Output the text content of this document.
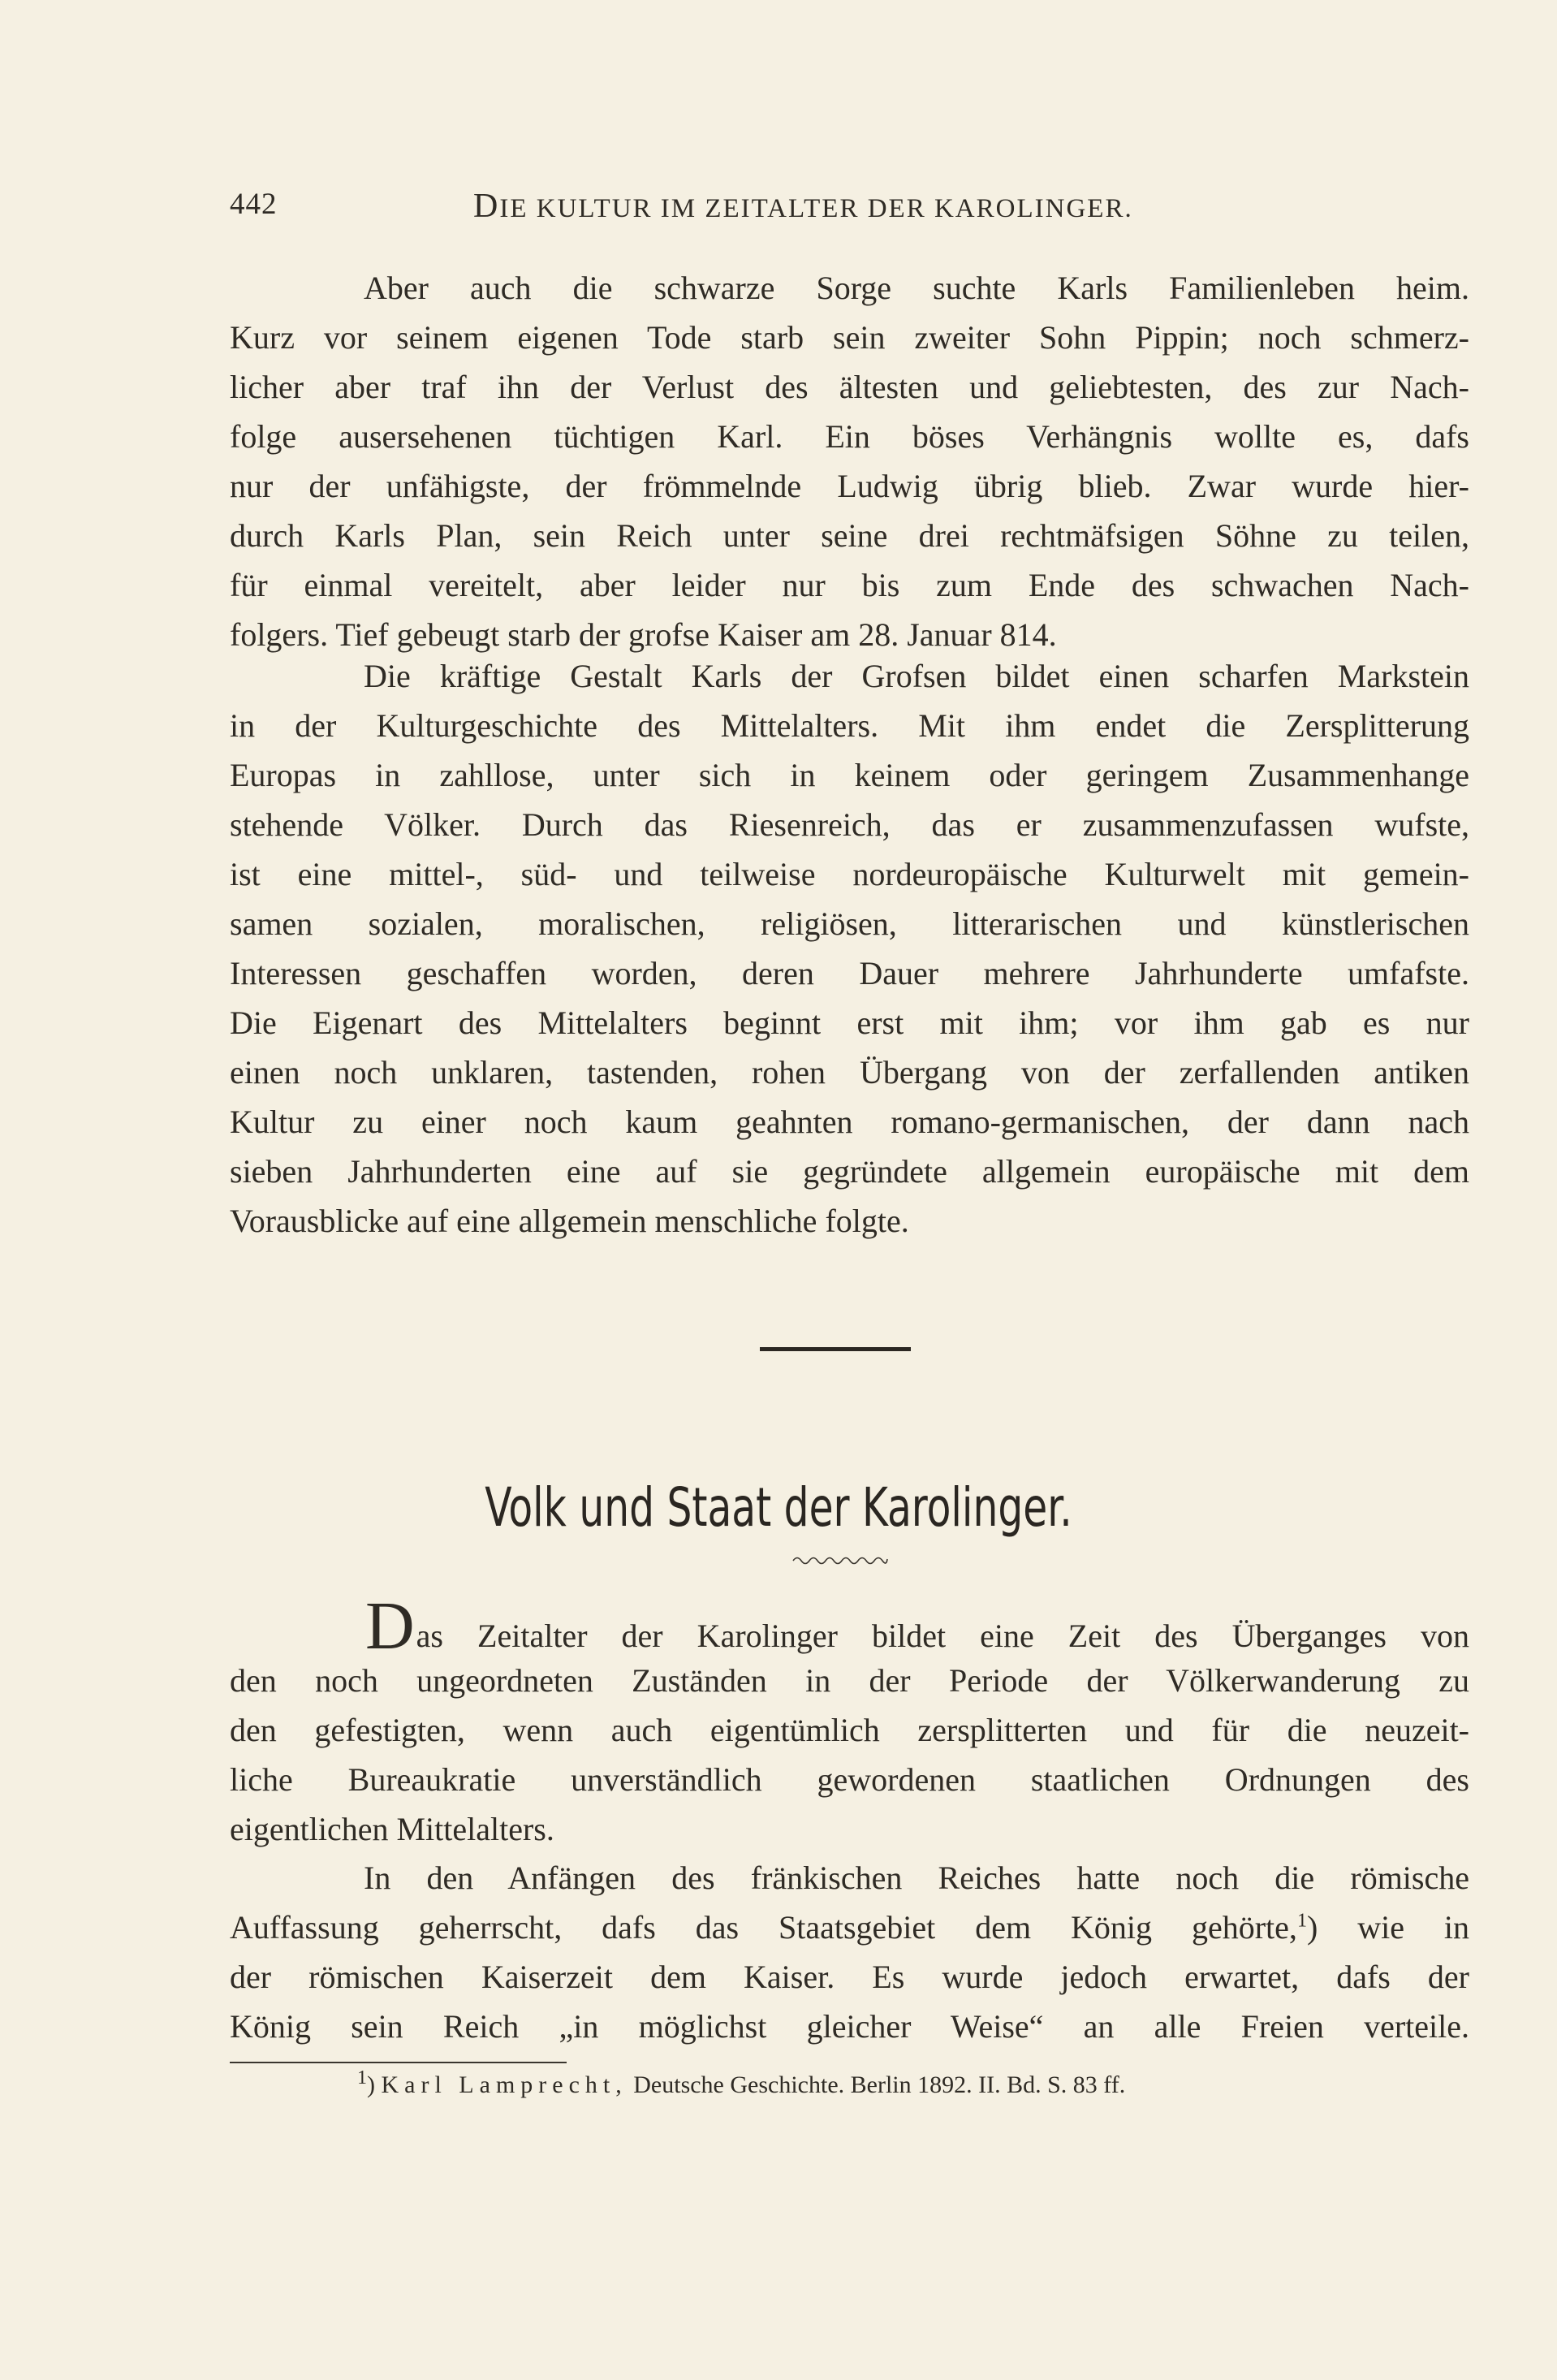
442	DIE KULTUR IM ZEITALTER DER KAROLINGER.
Aber auch die schwarze Sorge suchte Karls Familienleben heim.
Kurz vor seinem eigenen Tode starb sein zweiter Sohn Pippin; noch schmerz-
licher aber traf ihn der Verlust des ältesten und geliebtesten, des zur Nach-
folge ausersehenen tüchtigen Karl. Ein böses Verhängnis wollte es, dafs
nur der unfähigste, der frömmelnde Ludwig übrig blieb. Zwar wurde hier-
durch Karls Plan, sein Reich unter seine drei rechtmäfsigen Söhne zu teilen,
für einmal vereitelt, aber leider nur bis zum Ende des schwachen Nach-
folgers. Tief gebeugt starb der grofse Kaiser am 28. Januar 814.
Die kräftige Gestalt Karls der Grofsen bildet einen scharfen Markstein
in der Kulturgeschichte des Mittelalters. Mit ihm endet die Zersplitterung
Europas in zahllose, unter sich in keinem oder geringem Zusammenhange
stehende Völker. Durch das Riesenreich, das er zusammenzufassen wufste,
ist eine mittel-, süd- und teilweise nordeuropäische Kulturwelt mit gemein-
samen sozialen, moralischen, religiösen, litterarischen und künstlerischen
Interessen geschaffen worden, deren Dauer mehrere Jahrhunderte umfafste.
Die Eigenart des Mittelalters beginnt erst mit ihm; vor ihm gab es nur
einen noch unklaren, tastenden, rohen Übergang von der zerfallenden antiken
Kultur zu einer noch kaum geahnten romano-germanischen, der dann nach
sieben Jahrhunderten eine auf sie gegründete allgemein europäische mit dem
Vorausblicke auf eine allgemein menschliche folgte.
Volk und Staat der Karolinger.
Das Zeitalter der Karolinger bildet eine Zeit des Überganges von
den noch ungeordneten Zuständen in der Periode der Völkerwanderung zu
den gefestigten, wenn auch eigentümlich zersplitterten und für die neuzeit-
liche Bureaukratie unverständlich gewordenen staatlichen Ordnungen des
eigentlichen Mittelalters.
In den Anfängen des fränkischen Reiches hatte noch die römische
Auffassung geherrscht, dafs das Staatsgebiet dem König gehörte,$^1$) wie in
der römischen Kaiserzeit dem Kaiser. Es wurde jedoch erwartet, dafs der
König sein Reich „in möglichst gleicher Weise“ an alle Freien verteile.
$^1$) Karl Lamprecht, Deutsche Geschichte. Berlin 1892. II. Bd. S. 83 ff.
